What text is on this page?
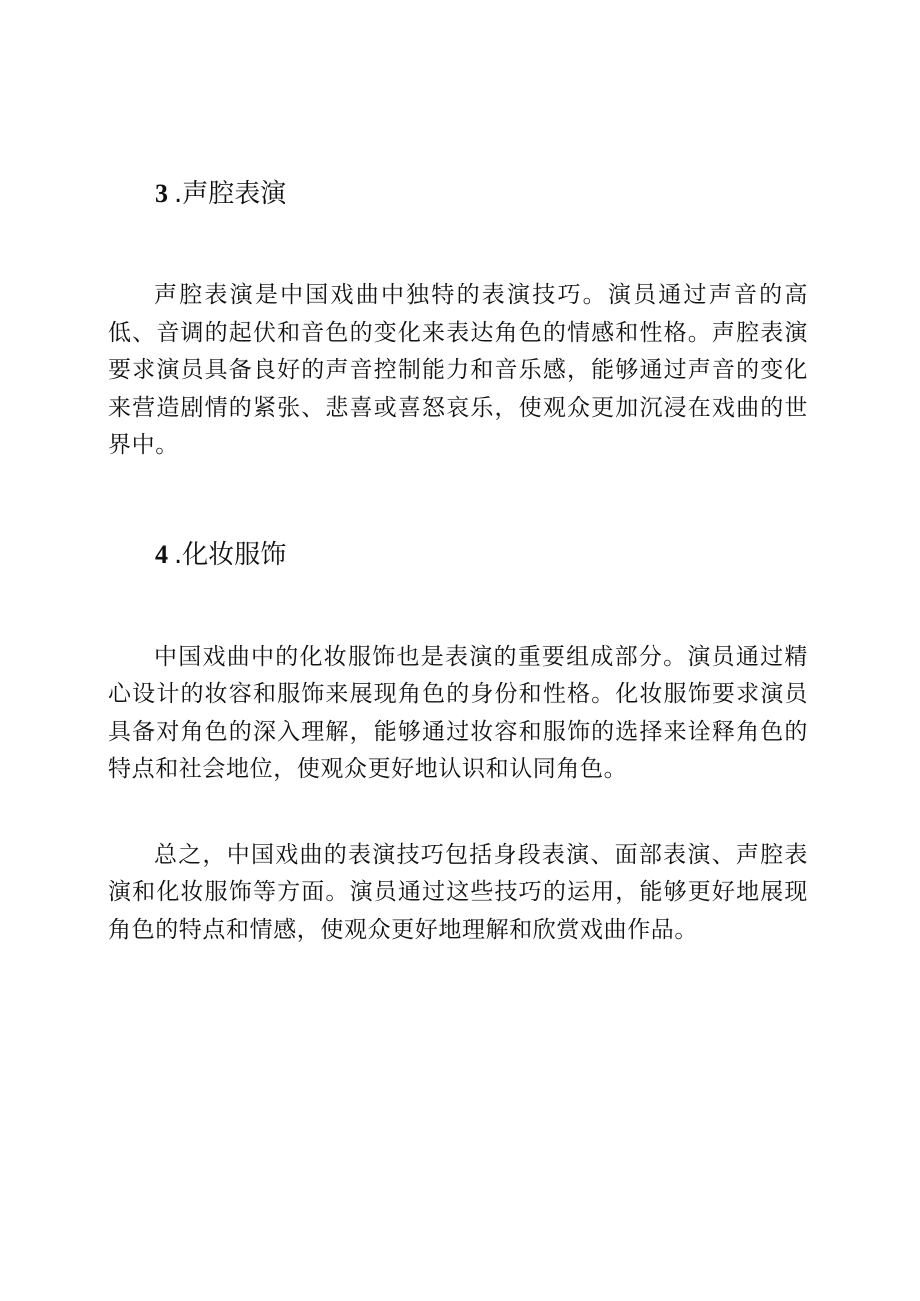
3 .声腔表演

声腔表演是中国戏曲中独特的表演技巧。演员通过声音的高低、音调的起伏和音色的变化来表达角色的情感和性格。声腔表演要求演员具备良好的声音控制能力和音乐感，能够通过声音的变化来营造剧情的紧张、悲喜或喜怒哀乐，使观众更加沉浸在戏曲的世界中。

4 .化妆服饰

中国戏曲中的化妆服饰也是表演的重要组成部分。演员通过精心设计的妆容和服饰来展现角色的身份和性格。化妆服饰要求演员具备对角色的深入理解，能够通过妆容和服饰的选择来诠释角色的特点和社会地位，使观众更好地认识和认同角色。

总之，中国戏曲的表演技巧包括身段表演、面部表演、声腔表演和化妆服饰等方面。演员通过这些技巧的运用，能够更好地展现角色的特点和情感，使观众更好地理解和欣赏戏曲作品。
